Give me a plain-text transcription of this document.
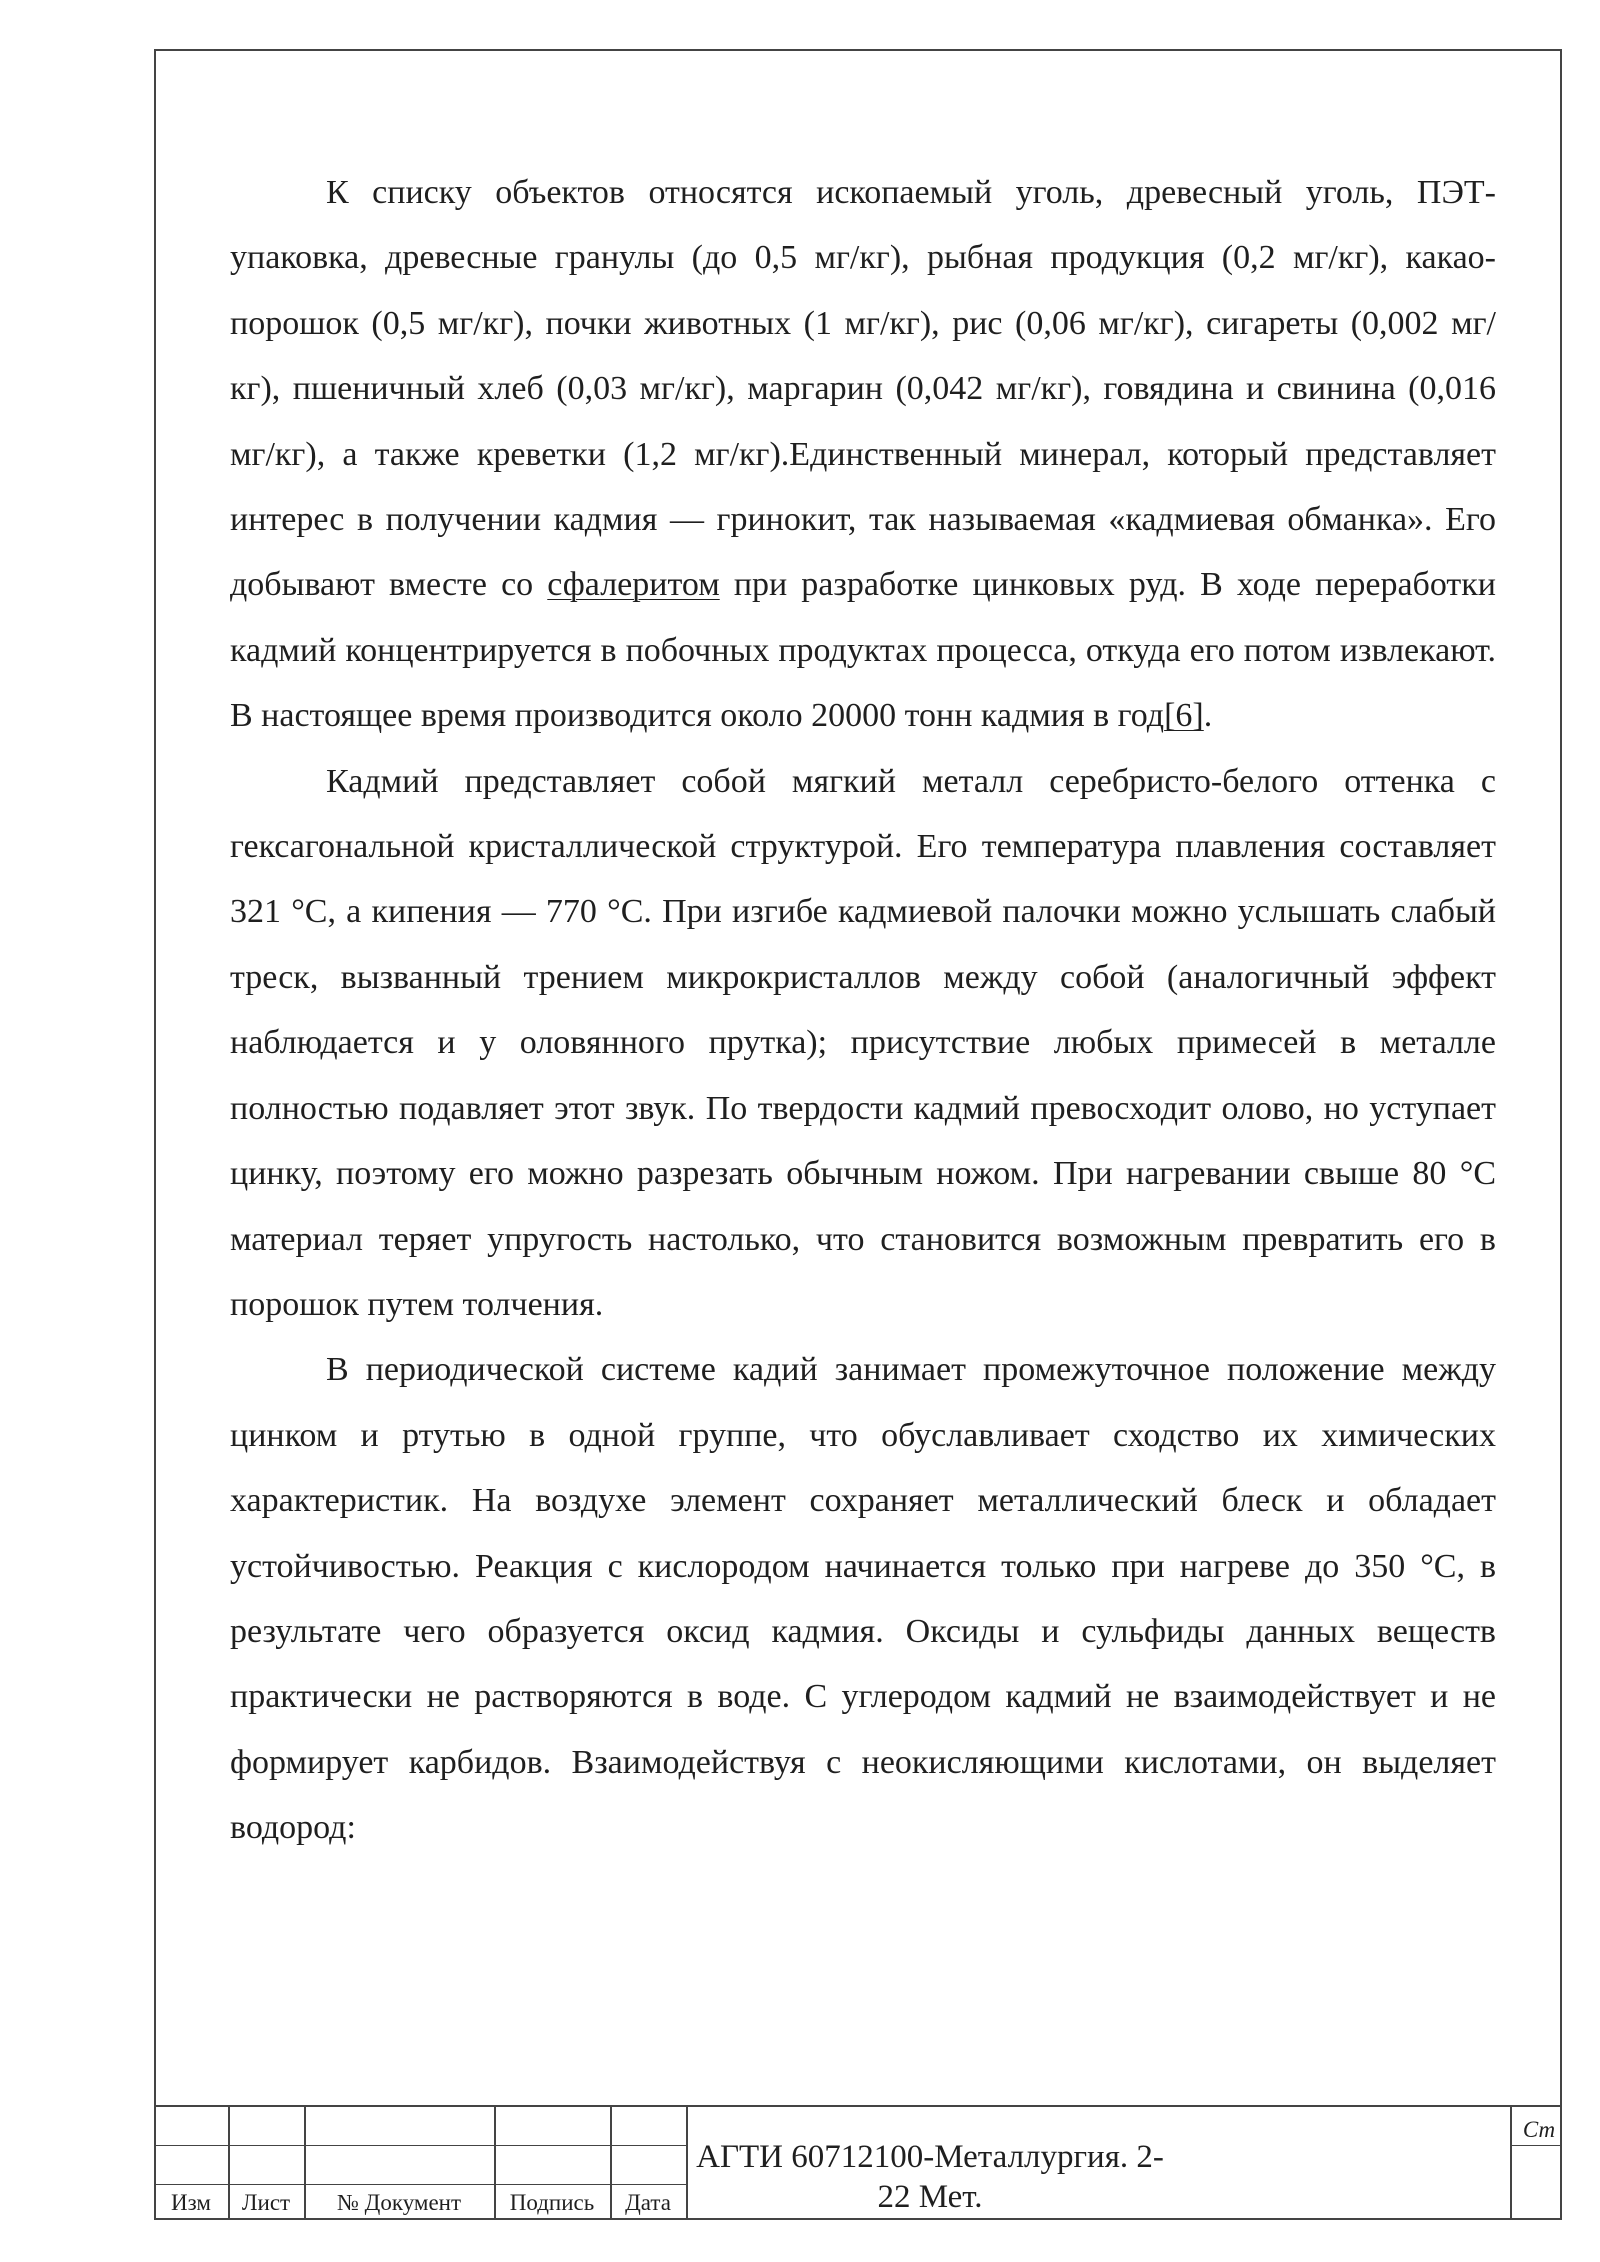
К списку объектов относятся ископаемый уголь, древесный уголь, ПЭТ-упаковка, древесные гранулы (до 0,5 мг/кг), рыбная продукция (0,2 мг/кг), какао-порошок (0,5 мг/кг), почки животных (1 мг/кг), рис (0,06 мг/кг), сигареты (0,002 мг/кг), пшеничный хлеб (0,03 мг/кг), маргарин (0,042 мг/кг), говядина и свинина (0,016 мг/кг), а также креветки (1,2 мг/кг).Единственный минерал, который представляет интерес в получении кадмия — гринокит, так называемая «кадмиевая обманка». Его добывают вместе со сфалеритом при разработке цинковых руд. В ходе переработки кадмий концентрируется в побочных продуктах процесса, откуда его потом извлекают. В настоящее время производится около 20000 тонн кадмия в год[6].

Кадмий представляет собой мягкий металл серебристо-белого оттенка с гексагональной кристаллической структурой. Его температура плавления составляет 321 °С, а кипения — 770 °С. При изгибе кадмиевой палочки можно услышать слабый треск, вызванный трением микрокристаллов между собой (аналогичный эффект наблюдается и у оловянного прутка); присутствие любых примесей в металле полностью подавляет этот звук. По твердости кадмий превосходит олово, но уступает цинку, поэтому его можно разрезать обычным ножом. При нагревании свыше 80 °С материал теряет упругость настолько, что становится возможным превратить его в порошок путем толчения.

В периодической системе кадий занимает промежуточное положение между цинком и ртутью в одной группе, что обуславливает сходство их химических характеристик. На воздухе элемент сохраняет металлический блеск и обладает устойчивостью. Реакция с кислородом начинается только при нагреве до 350 °С, в результате чего образуется оксид кадмия. Оксиды и сульфиды данных веществ практически не растворяются в воде. С углеродом кадмий не взаимодействует и не формирует карбидов. Взаимодействуя с неокисляющими кислотами, он выделяет водород:

Изм	Лист	№ Документ	Подпись	Дата
АГТИ 60712100-Металлургия. 2-22 Мет.
Ст
